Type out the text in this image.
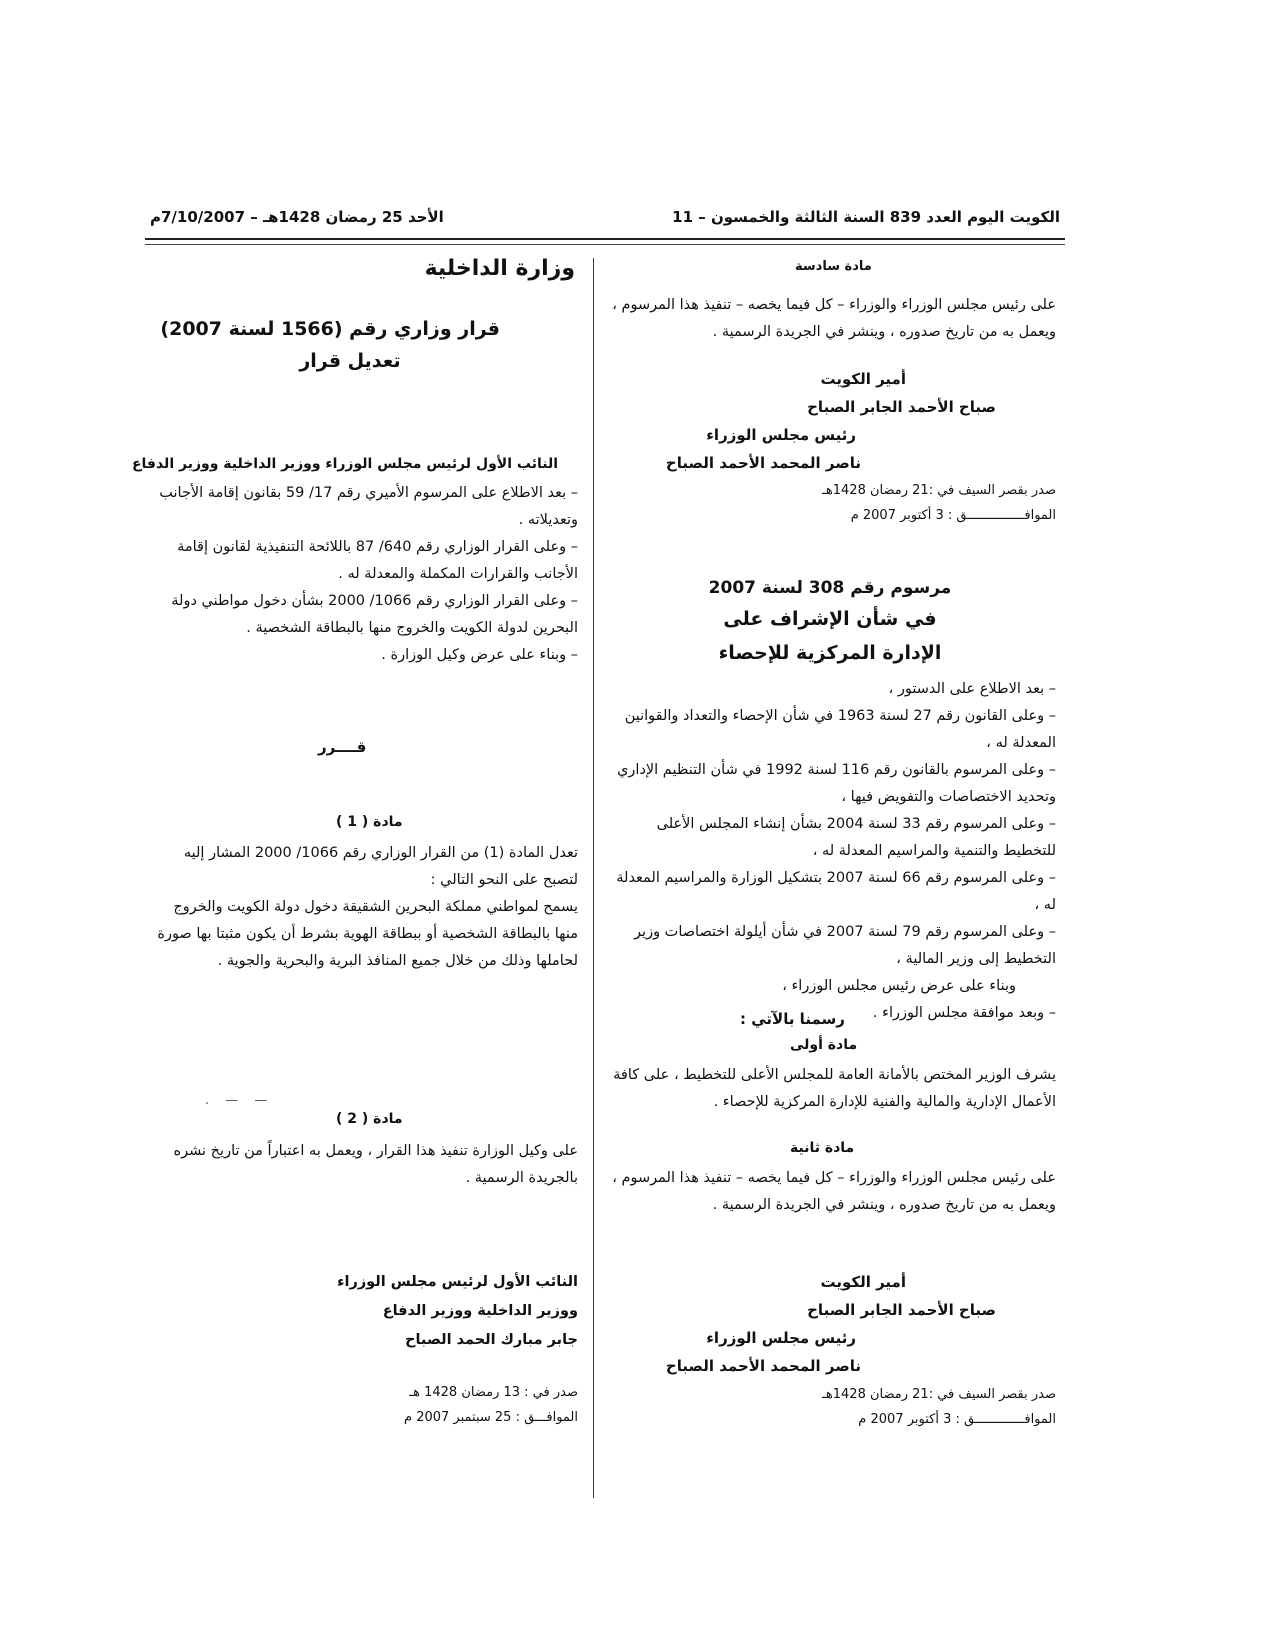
الكويت اليوم العدد 839 السنة الثالثة والخمسون – 11
الأحد 25 رمضان 1428هـ – 7/10/2007م
وزارة الداخلية
قرار وزاري رقم (1566 لسنة 2007)
تعديل قرار
النائب الأول لرئيس مجلس الوزراء ووزير الداخلية ووزير الدفاع

– بعد الاطلاع على المرسوم الأميري رقم 17/ 59 بقانون إقامة الأجانب وتعديلاته .

– وعلى القرار الوزاري رقم 640/ 87 باللائحة التنفيذية لقانون إقامة الأجانب والقرارات المكملة والمعدلة له .

– وعلى القرار الوزاري رقم 1066/ 2000 بشأن دخول مواطني دولة البحرين لدولة الكويت والخروج منها بالبطاقة الشخصية .

– وبناء على عرض وكيل الوزارة .

قــــرر
مادة ( 1 )

تعدل المادة (1) من القرار الوزاري رقم 1066/ 2000 المشار إليه لتصبح على النحو التالي :

يسمح لمواطني مملكة البحرين الشقيقة دخول دولة الكويت والخروج منها بالبطاقة الشخصية أو ببطاقة الهوية بشرط أن يكون مثبتا بها صورة لحاملها وذلك من خلال جميع المنافذ البرية والبحرية والجوية .

. — —
مادة ( 2 )

على وكيل الوزارة تنفيذ هذا القرار ، ويعمل به اعتباراً من تاريخ نشره بالجريدة الرسمية .

النائب الأول لرئيس مجلس الوزراء
ووزير الداخلية ووزير الدفاع
جابر مبارك الحمد الصباح
صدر في : 13 رمضان 1428 هـ
الموافـــق : 25 سبتمبر 2007 م
مادة سادسة

على رئيس مجلس الوزراء والوزراء – كل فيما يخصه – تنفيذ هذا المرسوم ، ويعمل به من تاريخ صدوره ، وينشر في الجريدة الرسمية .

أمير الكويت
صباح الأحمد الجابر الصباح
رئيس مجلس الوزراء
ناصر المحمد الأحمد الصباح
صدر بقصر السيف في :21 رمضان 1428هـ
الموافـــــــــــــــق : 3 أكتوبر 2007 م
مرسوم رقم 308 لسنة 2007
في شأن الإشراف على
الإدارة المركزية للإحصاء

– بعد الاطلاع على الدستور ،

– وعلى القانون رقم 27 لسنة 1963 في شأن الإحصاء والتعداد والقوانين المعدلة له ،

– وعلى المرسوم بالقانون رقم 116 لسنة 1992 في شأن التنظيم الإداري وتحديد الاختصاصات والتفويض فيها ،

– وعلى المرسوم رقم 33 لسنة 2004 بشأن إنشاء المجلس الأعلى للتخطيط والتنمية والمراسيم المعدلة له ،

– وعلى المرسوم رقم 66 لسنة 2007 بتشكيل الوزارة والمراسيم المعدلة له ،

– وعلى المرسوم رقم 79 لسنة 2007 في شأن أيلولة اختصاصات وزير التخطيط إلى وزير المالية ،

وبناء على عرض رئيس مجلس الوزراء ،

– وبعد موافقة مجلس الوزراء .

رسمنا بالآتي :
مادة أولى

يشرف الوزير المختص بالأمانة العامة للمجلس الأعلى للتخطيط ، على كافة الأعمال الإدارية والمالية والفنية للإدارة المركزية للإحصاء .

مادة ثانية

على رئيس مجلس الوزراء والوزراء – كل فيما يخصه – تنفيذ هذا المرسوم ، ويعمل به من تاريخ صدوره ، وينشر في الجريدة الرسمية .

أمير الكويت
صباح الأحمد الجابر الصباح
رئيس مجلس الوزراء
ناصر المحمد الأحمد الصباح
صدر بقصر السيف في :21 رمضان 1428هـ
الموافـــــــــــــق : 3 أكتوبر 2007 م
